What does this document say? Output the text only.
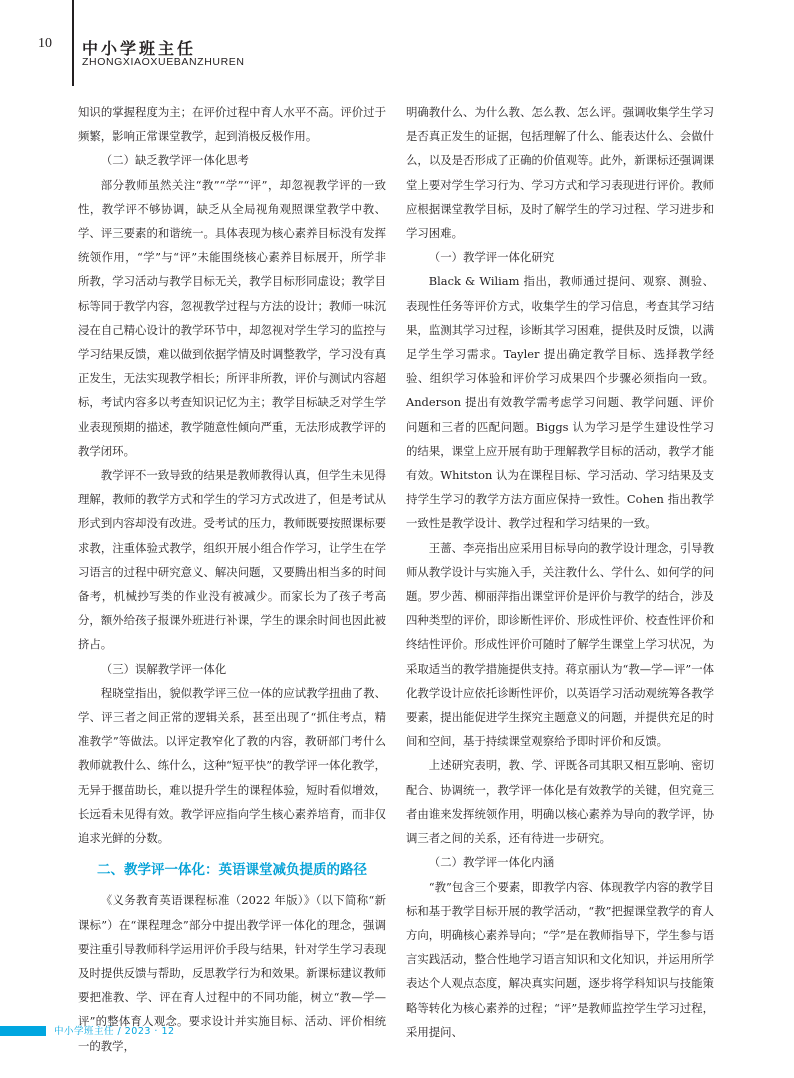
10 中小学班主任
ZHONGXIAOXUEBANZHUREN

知识的掌握程度为主；在评价过程中育人水平不高。评价过于频繁，影响正常课堂教学，起到消极反极作用。

（二）缺乏教学评一体化思考

部分教师虽然关注“教”“学”“评”，却忽视教学评的一致性，教学评不够协调，缺乏从全局视角观照课堂教学中教、学、评三要素的和谐统一。具体表现为核心素养目标没有发挥统领作用，“学”与“评”未能围绕核心素养目标展开，所学非所教，学习活动与教学目标无关，教学目标形同虚设；教学目标等同于教学内容，忽视教学过程与方法的设计；教师一味沉浸在自己精心设计的教学环节中，却忽视对学生学习的监控与学习结果反馈，难以做到依据学情及时调整教学，学习没有真正发生，无法实现教学相长；所评非所教，评价与测试内容超标，考试内容多以考查知识记忆为主；教学目标缺乏对学生学业表现预期的描述，教学随意性倾向严重，无法形成教学评的教学闭环。

教学评不一致导致的结果是教师教得认真，但学生未见得理解，教师的教学方式和学生的学习方式改进了，但是考试从形式到内容却没有改进。受考试的压力，教师既要按照课标要求教，注重体验式教学，组织开展小组合作学习，让学生在学习语言的过程中研究意义、解决问题，又要腾出相当多的时间备考，机械抄写类的作业没有被减少。而家长为了孩子考高分，额外给孩子报课外班进行补课，学生的课余时间也因此被挤占。

（三）误解教学评一体化

程晓堂指出，貌似教学评三位一体的应试教学扭曲了教、学、评三者之间正常的逻辑关系，甚至出现了“抓住考点，精准教学”等做法。以评定教窄化了教的内容，教研部门考什么教师就教什么、练什么，这种“短平快”的教学评一体化教学，无异于揠苗助长，难以提升学生的课程体验，短时看似增效，长远看未见得有效。教学评应指向学生核心素养培育，而非仅追求光鲜的分数。

二、教学评一体化：英语课堂减负提质的路径

《义务教育英语课程标准（2022 年版）》（以下简称“新课标”）在“课程理念”部分中提出教学评一体化的理念，强调要注重引导教师科学运用评价手段与结果，针对学生学习表现及时提供反馈与帮助，反思教学行为和效果。新课标建议教师要把准教、学、评在育人过程中的不同功能，树立“教—学—评”的整体育人观念。要求设计并实施目标、活动、评价相统一的教学，

明确教什么、为什么教、怎么教、怎么评。强调收集学生学习是否真正发生的证据，包括理解了什么、能表达什么、会做什么，以及是否形成了正确的价值观等。此外，新课标还强调课堂上要对学生学习行为、学习方式和学习表现进行评价。教师应根据课堂教学目标，及时了解学生的学习过程、学习进步和学习困难。

（一）教学评一体化研究

Black & Wiliam 指出，教师通过提问、观察、测验、表现性任务等评价方式，收集学生的学习信息，考查其学习结果，监测其学习过程，诊断其学习困难，提供及时反馈，以满足学生学习需求。Tayler 提出确定教学目标、选择教学经验、组织学习体验和评价学习成果四个步骤必须指向一致。Anderson 提出有效教学需考虑学习问题、教学问题、评价问题和三者的匹配问题。Biggs 认为学习是学生建设性学习的结果，课堂上应开展有助于理解教学目标的活动，教学才能有效。Whitston 认为在课程目标、学习活动、学习结果及支持学生学习的教学方法方面应保持一致性。Cohen 指出教学一致性是教学设计、教学过程和学习结果的一致。

王蔷、李亮指出应采用目标导向的教学设计理念，引导教师从教学设计与实施入手，关注教什么、学什么、如何学的问题。罗少茜、柳丽萍指出课堂评价是评价与教学的结合，涉及四种类型的评价，即诊断性评价、形成性评价、校查性评价和终结性评价。形成性评价可随时了解学生课堂上学习状况，为采取适当的教学措施提供支持。蒋京丽认为“教—学—评”一体化教学设计应依托诊断性评价，以英语学习活动观统筹各教学要素，提出能促进学生探究主题意义的问题，并提供充足的时间和空间，基于持续课堂观察给予即时评价和反馈。

上述研究表明，教、学、评既各司其职又相互影响、密切配合、协调统一，教学评一体化是有效教学的关键，但究竟三者由谁来发挥统领作用，明确以核心素养为导向的教学评，协调三者之间的关系，还有待进一步研究。

（二）教学评一体化内涵

“教”包含三个要素，即教学内容、体现教学内容的教学目标和基于教学目标开展的教学活动，“教”把握课堂教学的育人方向，明确核心素养导向；“学”是在教师指导下，学生参与语言实践活动，整合性地学习语言知识和文化知识，并运用所学表达个人观点态度，解决真实问题，逐步将学科知识与技能策略等转化为核心素养的过程；“评”是教师监控学生学习过程，采用提问、

中小学班主任 / 2023 · 12
